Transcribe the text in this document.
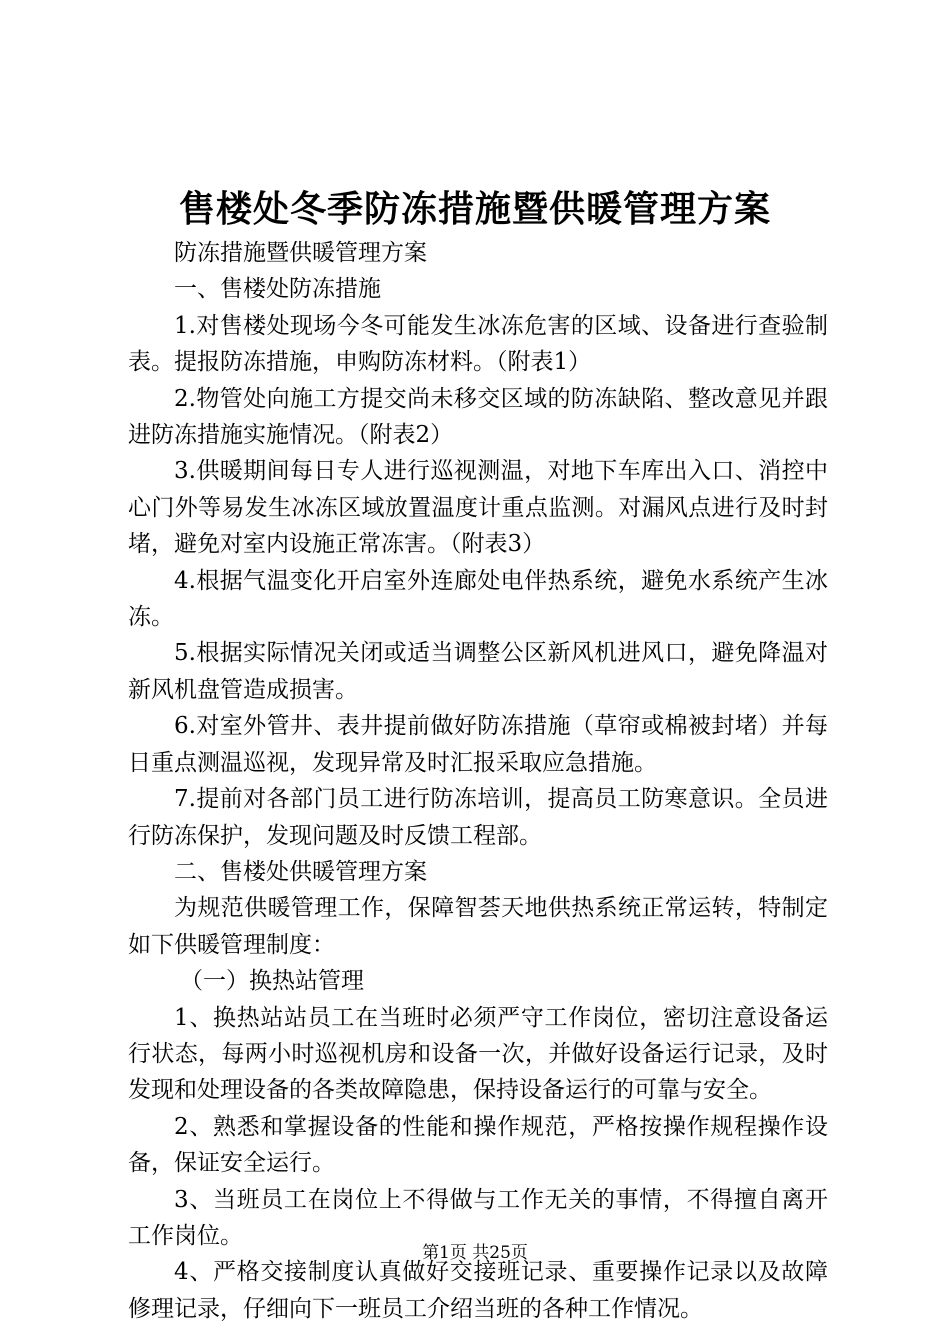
售楼处冬季防冻措施暨供暖管理方案

防冻措施暨供暖管理方案

一、售楼处防冻措施

1.对售楼处现场今冬可能发生冰冻危害的区域、设备进行查验制表。提报防冻措施，申购防冻材料。（附表1）

2.物管处向施工方提交尚未移交区域的防冻缺陷、整改意见并跟进防冻措施实施情况。（附表2）

3.供暖期间每日专人进行巡视测温，对地下车库出入口、消控中心门外等易发生冰冻区域放置温度计重点监测。对漏风点进行及时封堵，避免对室内设施正常冻害。（附表3）

4.根据气温变化开启室外连廊处电伴热系统，避免水系统产生冰冻。

5.根据实际情况关闭或适当调整公区新风机进风口，避免降温对新风机盘管造成损害。

6.对室外管井、表井提前做好防冻措施（草帘或棉被封堵）并每日重点测温巡视，发现异常及时汇报采取应急措施。

7.提前对各部门员工进行防冻培训，提高员工防寒意识。全员进行防冻保护，发现问题及时反馈工程部。

二、售楼处供暖管理方案

为规范供暖管理工作，保障智荟天地供热系统正常运转，特制定如下供暖管理制度：

（一）换热站管理

1、换热站站员工在当班时必须严守工作岗位，密切注意设备运行状态，每两小时巡视机房和设备一次，并做好设备运行记录，及时发现和处理设备的各类故障隐患，保持设备运行的可靠与安全。

2、熟悉和掌握设备的性能和操作规范，严格按操作规程操作设备，保证安全运行。

3、当班员工在岗位上不得做与工作无关的事情，不得擅自离开工作岗位。

4、严格交接制度认真做好交接班记录、重要操作记录以及故障修理记录，仔细向下一班员工介绍当班的各种工作情况。

第1页 共25页
